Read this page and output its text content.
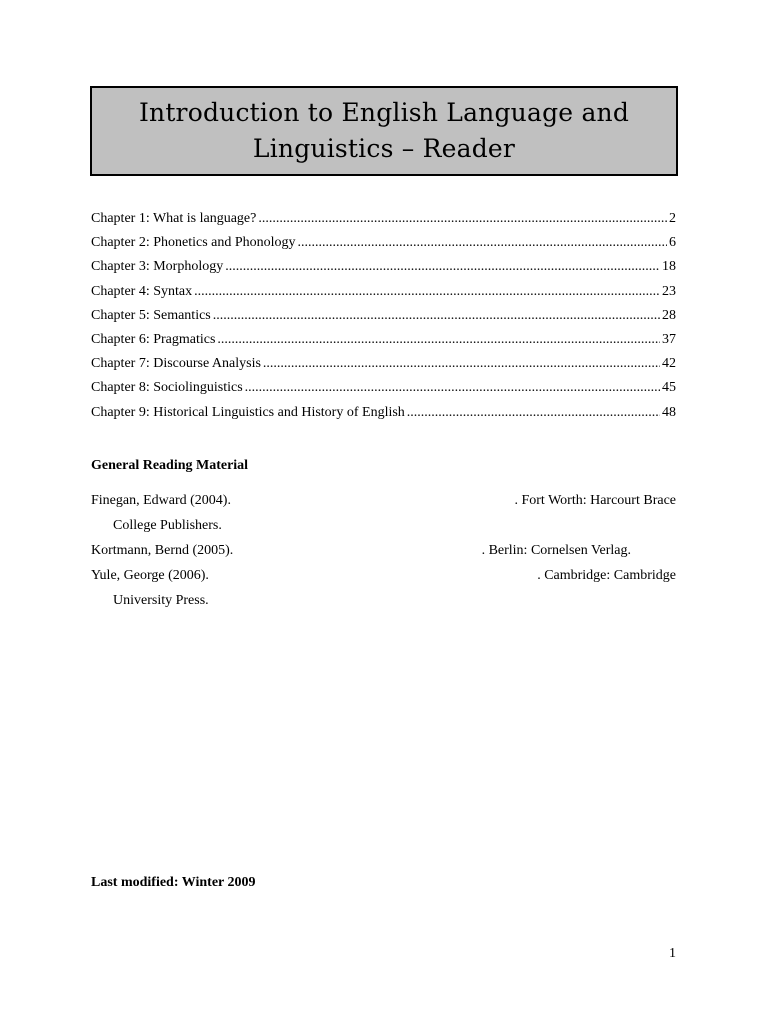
Introduction to English Language and
Linguistics – Reader
Chapter 1: What is language? .....	2
Chapter 2: Phonetics and Phonology .....	6
Chapter 3: Morphology .....	18
Chapter 4: Syntax .....	23
Chapter 5: Semantics .....	28
Chapter 6: Pragmatics .....	37
Chapter 7: Discourse Analysis .....	42
Chapter 8: Sociolinguistics .....	45
Chapter 9: Historical Linguistics and History of English .....	48
General Reading Material
Finegan, Edward (2004).	. Fort Worth: Harcourt Brace
College Publishers.
Kortmann, Bernd (2005).	. Berlin: Cornelsen Verlag.
Yule, George (2006).	. Cambridge: Cambridge
University Press.
Last modified: Winter 2009
1
